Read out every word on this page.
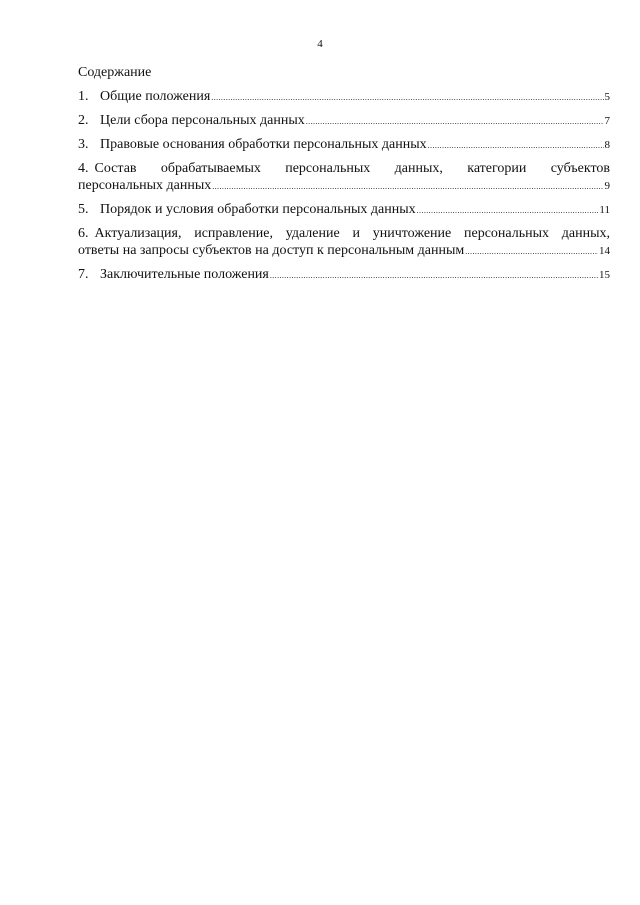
4
Содержание
1. Общие положения .....	5
2. Цели сбора персональных данных .....	7
3. Правовые основания обработки персональных данных .....	8
4. Состав обрабатываемых персональных данных, категории субъектов
персональных данных .....	9
5. Порядок и условия обработки персональных данных .....	11
6. Актуализация, исправление, удаление и уничтожение персональных данных,
ответы на запросы субъектов на доступ к персональным данным .....	14
7. Заключительные положения .....	15
